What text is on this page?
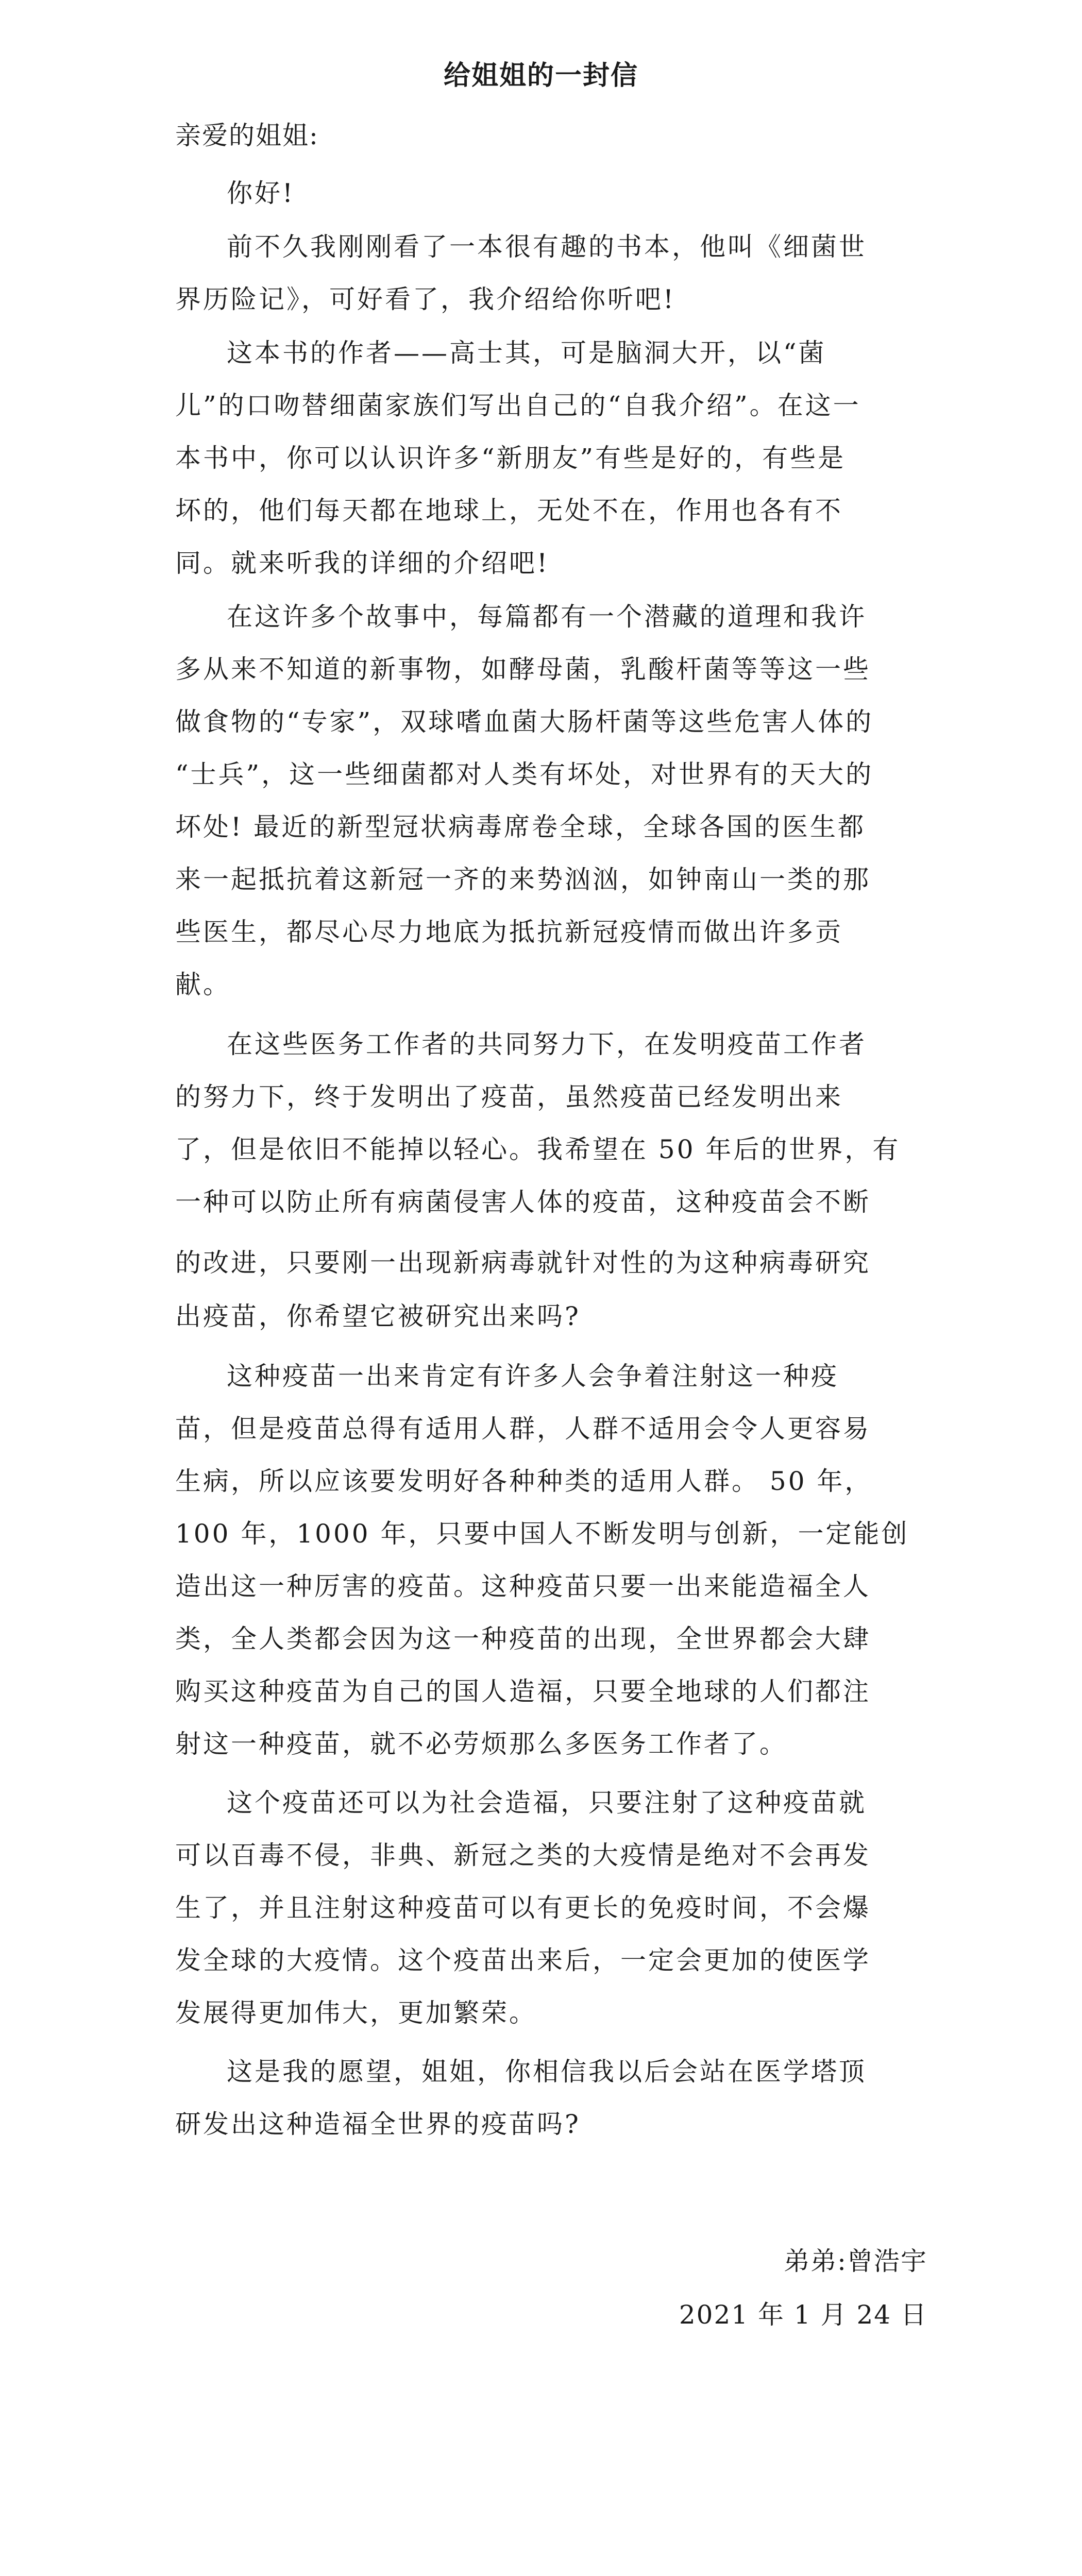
给姐姐的一封信
亲爱的姐姐:
你好!
前不久我刚刚看了一本很有趣的书本，他叫《细菌世
界历险记》，可好看了，我介绍给你听吧!
这本书的作者——高士其，可是脑洞大开，以“菌
儿”的口吻替细菌家族们写出自己的“自我介绍”。在这一
本书中，你可以认识许多“新朋友”有些是好的，有些是
坏的，他们每天都在地球上，无处不在，作用也各有不
同。就来听我的详细的介绍吧!
在这许多个故事中，每篇都有一个潜藏的道理和我许
多从来不知道的新事物，如酵母菌，乳酸杆菌等等这一些
做食物的“专家”，双球嗜血菌大肠杆菌等这些危害人体的
“士兵”，这一些细菌都对人类有坏处，对世界有的天大的
坏处! 最近的新型冠状病毒席卷全球，全球各国的医生都
来一起抵抗着这新冠一齐的来势汹汹，如钟南山一类的那
些医生，都尽心尽力地底为抵抗新冠疫情而做出许多贡
献。
在这些医务工作者的共同努力下，在发明疫苗工作者
的努力下，终于发明出了疫苗，虽然疫苗已经发明出来
了，但是依旧不能掉以轻心。我希望在 50 年后的世界，有
一种可以防止所有病菌侵害人体的疫苗，这种疫苗会不断
的改进，只要刚一出现新病毒就针对性的为这种病毒研究
出疫苗，你希望它被研究出来吗?
这种疫苗一出来肯定有许多人会争着注射这一种疫
苗，但是疫苗总得有适用人群，人群不适用会令人更容易
生病，所以应该要发明好各种种类的适用人群。 50 年，
100 年，1000 年，只要中国人不断发明与创新，一定能创
造出这一种厉害的疫苗。这种疫苗只要一出来能造福全人
类，全人类都会因为这一种疫苗的出现，全世界都会大肆
购买这种疫苗为自己的国人造福，只要全地球的人们都注
射这一种疫苗，就不必劳烦那么多医务工作者了。
这个疫苗还可以为社会造福，只要注射了这种疫苗就
可以百毒不侵，非典、新冠之类的大疫情是绝对不会再发
生了，并且注射这种疫苗可以有更长的免疫时间，不会爆
发全球的大疫情。这个疫苗出来后，一定会更加的使医学
发展得更加伟大，更加繁荣。
这是我的愿望，姐姐，你相信我以后会站在医学塔顶
研发出这种造福全世界的疫苗吗?
弟弟:曾浩宇
2021 年 1 月 24 日
